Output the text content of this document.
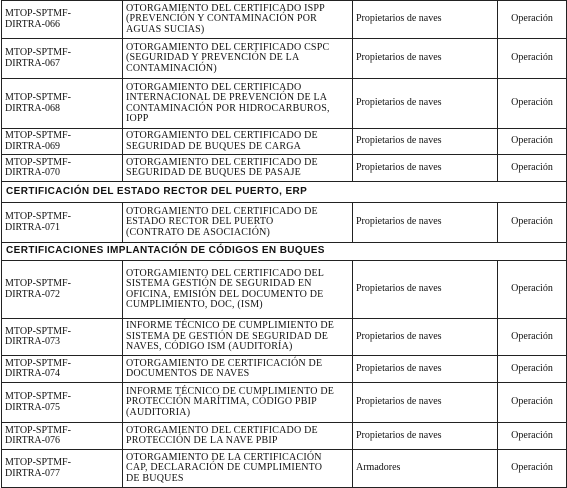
MTOP-SPTMF-
DIRTRA-066	OTORGAMIENTO DEL CERTIFICADO ISPP
(PREVENCIÓN Y CONTAMINACIÓN POR
AGUAS SUCIAS)	Propietarios de naves	Operación
MTOP-SPTMF-
DIRTRA-067	OTORGAMIENTO DEL CERTIFICADO CSPC
(SEGURIDAD Y PREVENCIÓN DE LA
CONTAMINACIÓN)	Propietarios de naves	Operación
MTOP-SPTMF-
DIRTRA-068	OTORGAMIENTO DEL CERTIFICADO
INTERNACIONAL DE PREVENCIÓN DE LA
CONTAMINACIÓN POR HIDROCARBUROS,
IOPP	Propietarios de naves	Operación
MTOP-SPTMF-
DIRTRA-069	OTORGAMIENTO DEL CERTIFICADO DE
SEGURIDAD DE BUQUES DE CARGA	Propietarios de naves	Operación
MTOP-SPTMF-
DIRTRA-070	OTORGAMIENTO DEL CERTIFICADO DE
SEGURIDAD DE BUQUES DE PASAJE	Propietarios de naves	Operación
CERTIFICACIÓN DEL ESTADO RECTOR DEL PUERTO, ERP			
MTOP-SPTMF-
DIRTRA-071	OTORGAMIENTO DEL CERTIFICADO DE
ESTADO RECTOR DEL PUERTO
(CONTRATO DE ASOCIACIÓN)	Propietarios de naves	Operación
CERTIFICACIONES IMPLANTACIÓN DE CÓDIGOS EN BUQUES			
MTOP-SPTMF-
DIRTRA-072	OTORGAMIENTO DEL CERTIFICADO DEL
SISTEMA GESTIÓN DE SEGURIDAD EN
OFICINA, EMISIÓN DEL DOCUMENTO DE
CUMPLIMIENTO, DOC, (ISM)	Propietarios de naves	Operación
MTOP-SPTMF-
DIRTRA-073	INFORME TÉCNICO DE CUMPLIMIENTO DE
SISTEMA DE GESTIÓN DE SEGURIDAD DE
NAVES, CÓDIGO ISM (AUDITORÍA)	Propietarios de naves	Operación
MTOP-SPTMF-
DIRTRA-074	OTORGAMIENTO DE CERTIFICACIÓN DE
DOCUMENTOS DE NAVES	Propietarios de naves	Operación
MTOP-SPTMF-
DIRTRA-075	INFORME TÉCNICO DE CUMPLIMIENTO DE
PROTECCIÓN MARÍTIMA, CÓDIGO PBIP
(AUDITORIA)	Propietarios de naves	Operación
MTOP-SPTMF-
DIRTRA-076	OTORGAMIENTO DEL CERTIFICADO DE
PROTECCIÓN DE LA NAVE PBIP	Propietarios de naves	Operación
MTOP-SPTMF-
DIRTRA-077	OTORGAMIENTO DE LA CERTIFICACIÓN
CAP, DECLARACIÓN DE CUMPLIMIENTO
DE BUQUES	Armadores	Operación
